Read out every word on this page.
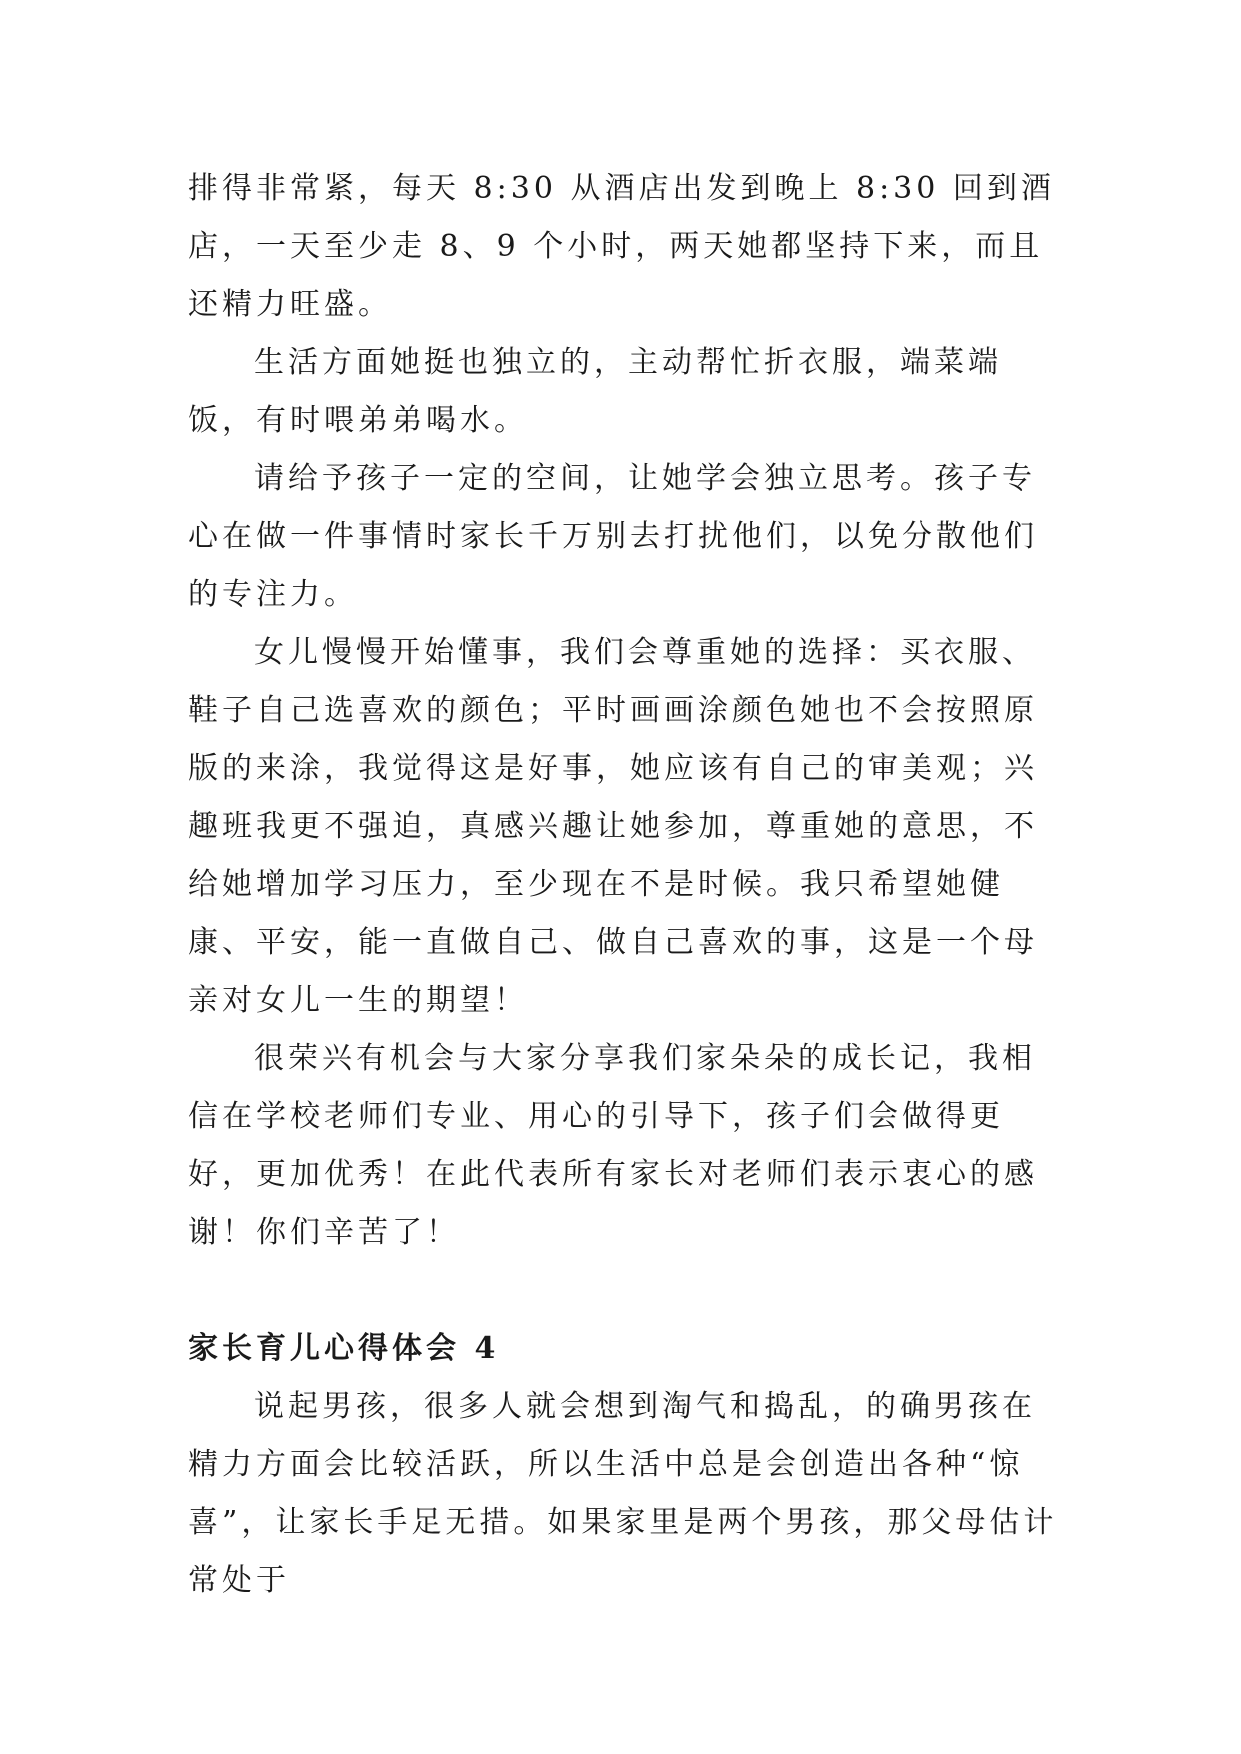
排得非常紧，每天 8:30 从酒店出发到晚上 8:30 回到酒店，一天至少走 8、9 个小时，两天她都坚持下来，而且还精力旺盛。

生活方面她挺也独立的，主动帮忙折衣服，端菜端饭，有时喂弟弟喝水。

请给予孩子一定的空间，让她学会独立思考。孩子专心在做一件事情时家长千万别去打扰他们，以免分散他们的专注力。

女儿慢慢开始懂事，我们会尊重她的选择：买衣服、鞋子自己选喜欢的颜色；平时画画涂颜色她也不会按照原版的来涂，我觉得这是好事，她应该有自己的审美观；兴趣班我更不强迫，真感兴趣让她参加，尊重她的意思，不给她增加学习压力，至少现在不是时候。我只希望她健康、平安，能一直做自己、做自己喜欢的事，这是一个母亲对女儿一生的期望！

很荣兴有机会与大家分享我们家朵朵的成长记，我相信在学校老师们专业、用心的引导下，孩子们会做得更好，更加优秀！在此代表所有家长对老师们表示衷心的感谢！你们辛苦了！

家长育儿心得体会 4

说起男孩，很多人就会想到淘气和捣乱，的确男孩在精力方面会比较活跃，所以生活中总是会创造出各种“惊喜”，让家长手足无措。如果家里是两个男孩，那父母估计常处于
